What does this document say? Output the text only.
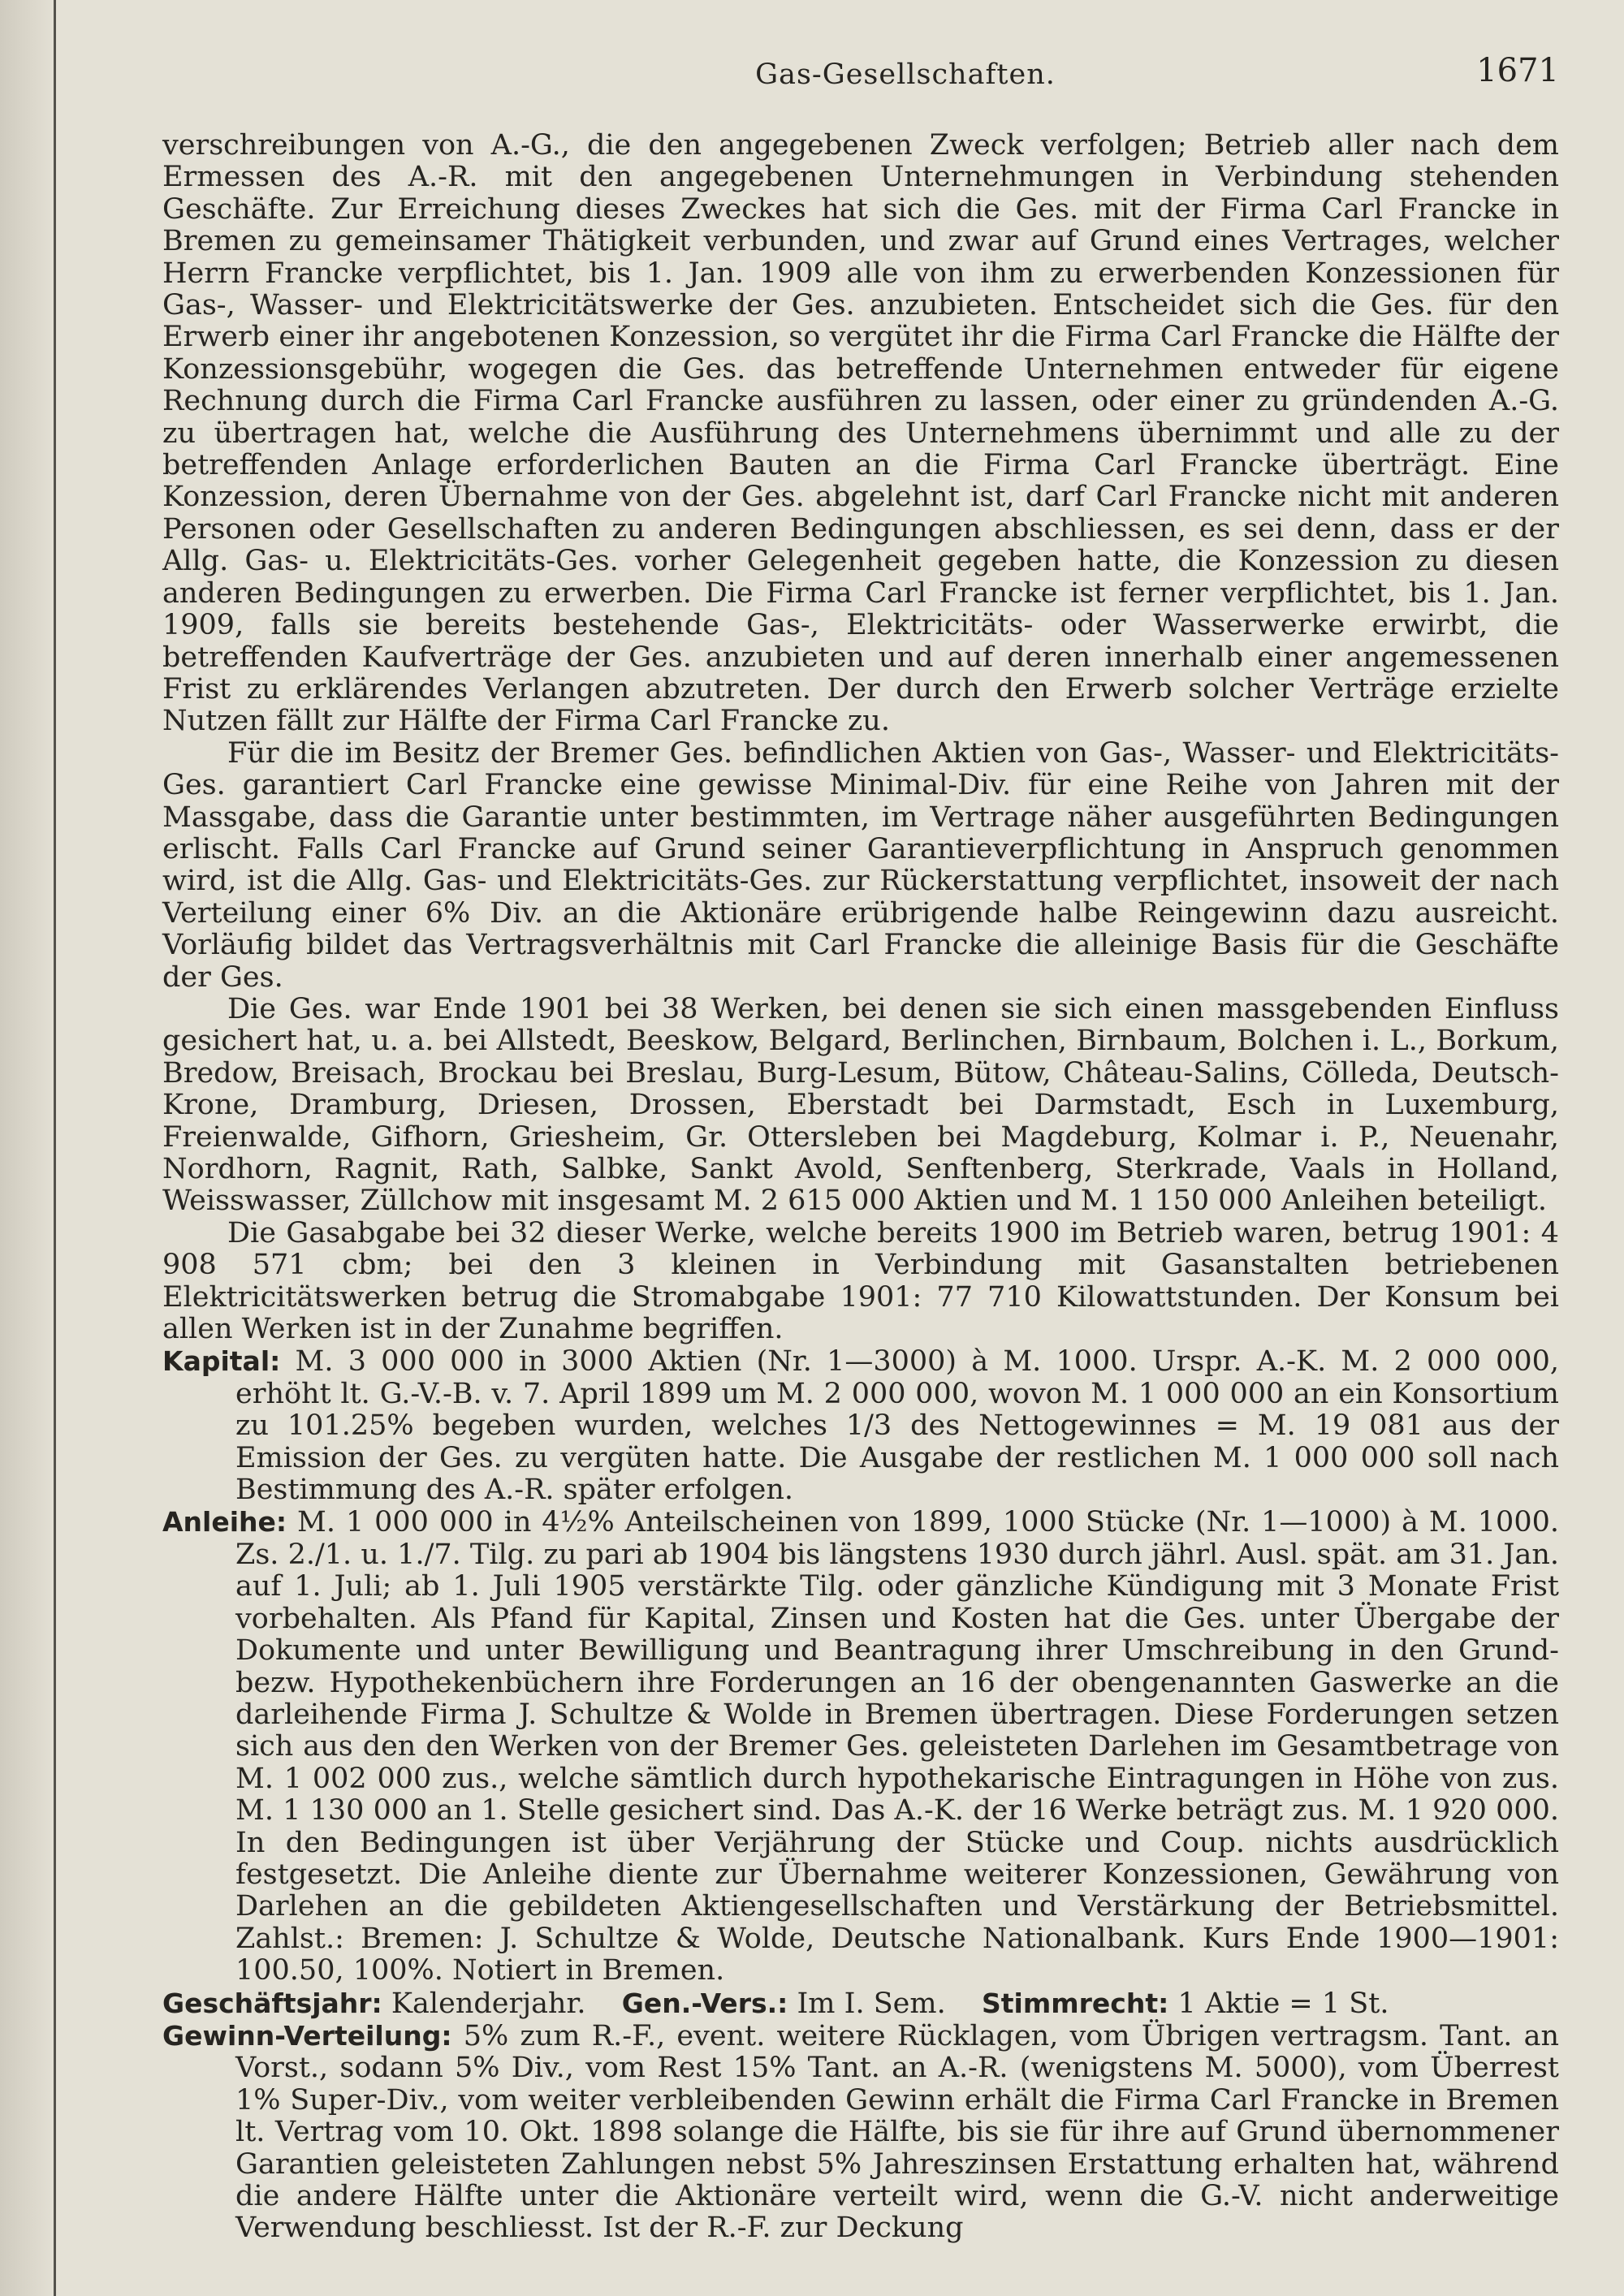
Gas-Gesellschaften.	1671

verschreibungen von A.-G., die den angegebenen Zweck verfolgen; Betrieb aller nach dem Ermessen des A.-R. mit den angegebenen Unternehmungen in Verbindung stehenden Geschäfte. Zur Erreichung dieses Zweckes hat sich die Ges. mit der Firma Carl Francke in Bremen zu gemeinsamer Thätigkeit verbunden, und zwar auf Grund eines Vertrages, welcher Herrn Francke verpflichtet, bis 1. Jan. 1909 alle von ihm zu erwerbenden Konzessionen für Gas-, Wasser- und Elektricitätswerke der Ges. anzubieten. Entscheidet sich die Ges. für den Erwerb einer ihr angebotenen Konzession, so vergütet ihr die Firma Carl Francke die Hälfte der Konzessionsgebühr, wogegen die Ges. das betreffende Unternehmen entweder für eigene Rechnung durch die Firma Carl Francke ausführen zu lassen, oder einer zu gründenden A.-G. zu übertragen hat, welche die Ausführung des Unternehmens übernimmt und alle zu der betreffenden Anlage erforderlichen Bauten an die Firma Carl Francke überträgt. Eine Konzession, deren Übernahme von der Ges. abgelehnt ist, darf Carl Francke nicht mit anderen Personen oder Gesellschaften zu anderen Bedingungen abschliessen, es sei denn, dass er der Allg. Gas- u. Elektricitäts-Ges. vorher Gelegenheit gegeben hatte, die Konzession zu diesen anderen Bedingungen zu erwerben. Die Firma Carl Francke ist ferner verpflichtet, bis 1. Jan. 1909, falls sie bereits bestehende Gas-, Elektricitäts- oder Wasserwerke erwirbt, die betreffenden Kaufverträge der Ges. anzubieten und auf deren innerhalb einer angemessenen Frist zu erklärendes Verlangen abzutreten. Der durch den Erwerb solcher Verträge erzielte Nutzen fällt zur Hälfte der Firma Carl Francke zu.

Für die im Besitz der Bremer Ges. befindlichen Aktien von Gas-, Wasser- und Elektricitäts-Ges. garantiert Carl Francke eine gewisse Minimal-Div. für eine Reihe von Jahren mit der Massgabe, dass die Garantie unter bestimmten, im Vertrage näher ausgeführten Bedingungen erlischt. Falls Carl Francke auf Grund seiner Garantieverpflichtung in Anspruch genommen wird, ist die Allg. Gas- und Elektricitäts-Ges. zur Rückerstattung verpflichtet, insoweit der nach Verteilung einer 6% Div. an die Aktionäre erübrigende halbe Reingewinn dazu ausreicht. Vorläufig bildet das Vertragsverhältnis mit Carl Francke die alleinige Basis für die Geschäfte der Ges.

Die Ges. war Ende 1901 bei 38 Werken, bei denen sie sich einen massgebenden Einfluss gesichert hat, u. a. bei Allstedt, Beeskow, Belgard, Berlinchen, Birnbaum, Bolchen i. L., Borkum, Bredow, Breisach, Brockau bei Breslau, Burg-Lesum, Bütow, Château-Salins, Cölleda, Deutsch-Krone, Dramburg, Driesen, Drossen, Eberstadt bei Darmstadt, Esch in Luxemburg, Freienwalde, Gifhorn, Griesheim, Gr. Ottersleben bei Magdeburg, Kolmar i. P., Neuenahr, Nordhorn, Ragnit, Rath, Salbke, Sankt Avold, Senftenberg, Sterkrade, Vaals in Holland, Weisswasser, Züllchow mit insgesamt M. 2 615 000 Aktien und M. 1 150 000 Anleihen beteiligt.

Die Gasabgabe bei 32 dieser Werke, welche bereits 1900 im Betrieb waren, betrug 1901: 4 908 571 cbm; bei den 3 kleinen in Verbindung mit Gasanstalten betriebenen Elektricitätswerken betrug die Stromabgabe 1901: 77 710 Kilowattstunden. Der Konsum bei allen Werken ist in der Zunahme begriffen.

Kapital: M. 3 000 000 in 3000 Aktien (Nr. 1—3000) à M. 1000. Urspr. A.-K. M. 2 000 000, erhöht lt. G.-V.-B. v. 7. April 1899 um M. 2 000 000, wovon M. 1 000 000 an ein Konsortium zu 101.25% begeben wurden, welches 1/3 des Nettogewinnes = M. 19 081 aus der Emission der Ges. zu vergüten hatte. Die Ausgabe der restlichen M. 1 000 000 soll nach Bestimmung des A.-R. später erfolgen.

Anleihe: M. 1 000 000 in 4½% Anteilscheinen von 1899, 1000 Stücke (Nr. 1—1000) à M. 1000. Zs. 2./1. u. 1./7. Tilg. zu pari ab 1904 bis längstens 1930 durch jährl. Ausl. spät. am 31. Jan. auf 1. Juli; ab 1. Juli 1905 verstärkte Tilg. oder gänzliche Kündigung mit 3 Monate Frist vorbehalten. Als Pfand für Kapital, Zinsen und Kosten hat die Ges. unter Übergabe der Dokumente und unter Bewilligung und Beantragung ihrer Umschreibung in den Grund- bezw. Hypothekenbüchern ihre Forderungen an 16 der obengenannten Gaswerke an die darleihende Firma J. Schultze & Wolde in Bremen übertragen. Diese Forderungen setzen sich aus den den Werken von der Bremer Ges. geleisteten Darlehen im Gesamtbetrage von M. 1 002 000 zus., welche sämtlich durch hypothekarische Eintragungen in Höhe von zus. M. 1 130 000 an 1. Stelle gesichert sind. Das A.-K. der 16 Werke beträgt zus. M. 1 920 000. In den Bedingungen ist über Verjährung der Stücke und Coup. nichts ausdrücklich festgesetzt. Die Anleihe diente zur Übernahme weiterer Konzessionen, Gewährung von Darlehen an die gebildeten Aktiengesellschaften und Verstärkung der Betriebsmittel. Zahlst.: Bremen: J. Schultze & Wolde, Deutsche Nationalbank. Kurs Ende 1900—1901: 100.50, 100%. Notiert in Bremen.

Geschäftsjahr: Kalenderjahr. Gen.-Vers.: Im I. Sem. Stimmrecht: 1 Aktie = 1 St.

Gewinn-Verteilung: 5% zum R.-F., event. weitere Rücklagen, vom Übrigen vertragsm. Tant. an Vorst., sodann 5% Div., vom Rest 15% Tant. an A.-R. (wenigstens M. 5000), vom Überrest 1% Super-Div., vom weiter verbleibenden Gewinn erhält die Firma Carl Francke in Bremen lt. Vertrag vom 10. Okt. 1898 solange die Hälfte, bis sie für ihre auf Grund übernommener Garantien geleisteten Zahlungen nebst 5% Jahreszinsen Erstattung erhalten hat, während die andere Hälfte unter die Aktionäre verteilt wird, wenn die G.-V. nicht anderweitige Verwendung beschliesst. Ist der R.-F. zur Deckung
